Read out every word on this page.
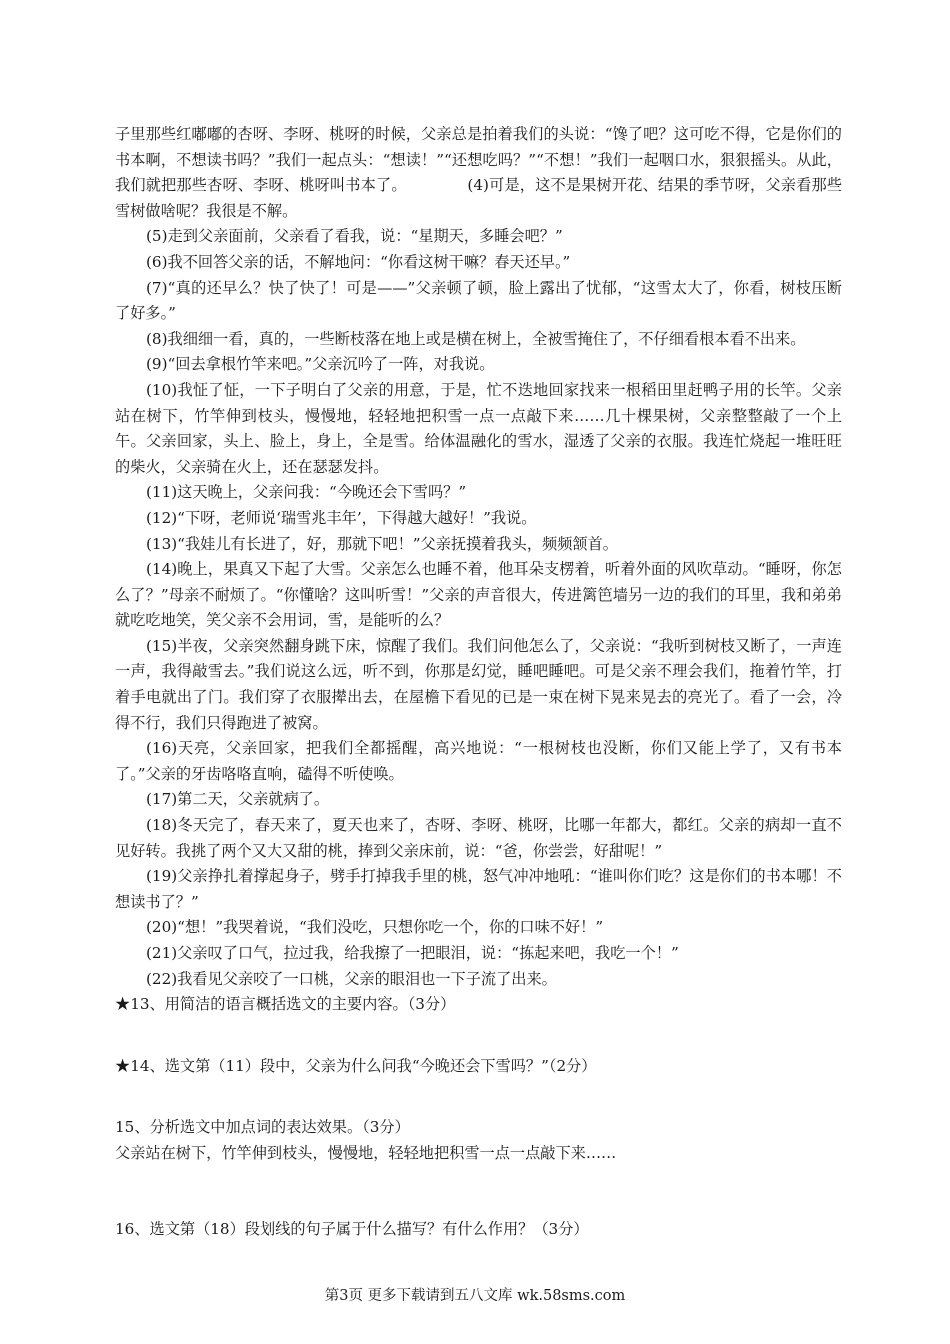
子里那些红嘟嘟的杏呀、李呀、桃呀的时候，父亲总是拍着我们的头说：“馋了吧？这可吃不得，它是你们的书本啊，不想读书吗？”我们一起点头：“想读！”“还想吃吗？”“不想！”我们一起咽口水，狠狠摇头。从此，我们就把那些杏呀、李呀、桃呀叫书本了。    	(4)可是，这不是果树开花、结果的季节呀，父亲看那些雪树做啥呢？我很是不解。

(5)走到父亲面前，父亲看了看我，说：“星期天，多睡会吧？”

(6)我不回答父亲的话，不解地问：“你看这树干嘛？春天还早。”

(7)“真的还早么？快了快了！可是——”父亲顿了顿，脸上露出了忧郁，“这雪太大了，你看，树枝压断了好多。”

(8)我细细一看，真的，一些断枝落在地上或是横在树上，全被雪掩住了，不仔细看根本看不出来。

(9)“回去拿根竹竿来吧。”父亲沉吟了一阵，对我说。

(10)我怔了怔，一下子明白了父亲的用意，于是，忙不迭地回家找来一根稻田里赶鸭子用的长竿。父亲站在树下，竹竿伸到枝头，慢慢地，轻轻地把积雪一点一点敲下来……几十棵果树，父亲整整敲了一个上午。父亲回家，头上、脸上，身上，全是雪。给体温融化的雪水，湿透了父亲的衣服。我连忙烧起一堆旺旺的柴火，父亲骑在火上，还在瑟瑟发抖。

(11)这天晚上，父亲问我：“今晚还会下雪吗？”

(12)“下呀，老师说‘瑞雪兆丰年’，下得越大越好！”我说。

(13)“我娃儿有长进了，好，那就下吧！”父亲抚摸着我头，频频颔首。

(14)晚上，果真又下起了大雪。父亲怎么也睡不着，他耳朵支楞着，听着外面的风吹草动。“睡呀，你怎么了？”母亲不耐烦了。“你懂啥？这叫听雪！”父亲的声音很大，传进篱笆墙另一边的我们的耳里，我和弟弟就吃吃地笑，笑父亲不会用词，雪，是能听的么？

(15)半夜，父亲突然翻身跳下床，惊醒了我们。我们问他怎么了，父亲说：“我听到树枝又断了，一声连一声，我得敲雪去。”我们说这么远，听不到，你那是幻觉，睡吧睡吧。可是父亲不理会我们，拖着竹竿，打着手电就出了门。我们穿了衣服撵出去，在屋檐下看见的已是一束在树下晃来晃去的亮光了。看了一会，冷得不行，我们只得跑进了被窝。

(16)天亮，父亲回家，把我们全都摇醒，高兴地说：“一根树枝也没断，你们又能上学了，又有书本了。”父亲的牙齿咯咯直响，磕得不听使唤。

(17)第二天，父亲就病了。

(18)冬天完了，春天来了，夏天也来了，杏呀、李呀、桃呀，比哪一年都大，都红。父亲的病却一直不见好转。我挑了两个又大又甜的桃，捧到父亲床前，说：“爸，你尝尝，好甜呢！”

(19)父亲挣扎着撑起身子，劈手打掉我手里的桃，怒气冲冲地吼：“谁叫你们吃？这是你们的书本哪！不想读书了？”

(20)“想！”我哭着说，“我们没吃，只想你吃一个，你的口味不好！”

(21)父亲叹了口气，拉过我，给我擦了一把眼泪，说：“拣起来吧，我吃一个！”

(22)我看见父亲咬了一口桃，父亲的眼泪也一下子流了出来。

★13、用简洁的语言概括选文的主要内容。（3分）

★14、选文第（11）段中，父亲为什么问我“今晚还会下雪吗？”（2分）

15、分析选文中加点词的表达效果。（3分）

父亲站在树下，竹竿伸到枝头，慢慢地，轻轻地把积雪一点一点敲下来……

16、选文第（18）段划线的句子属于什么描写？有什么作用？（3分）

第3页 更多下载请到五八文库 wk.58sms.com
